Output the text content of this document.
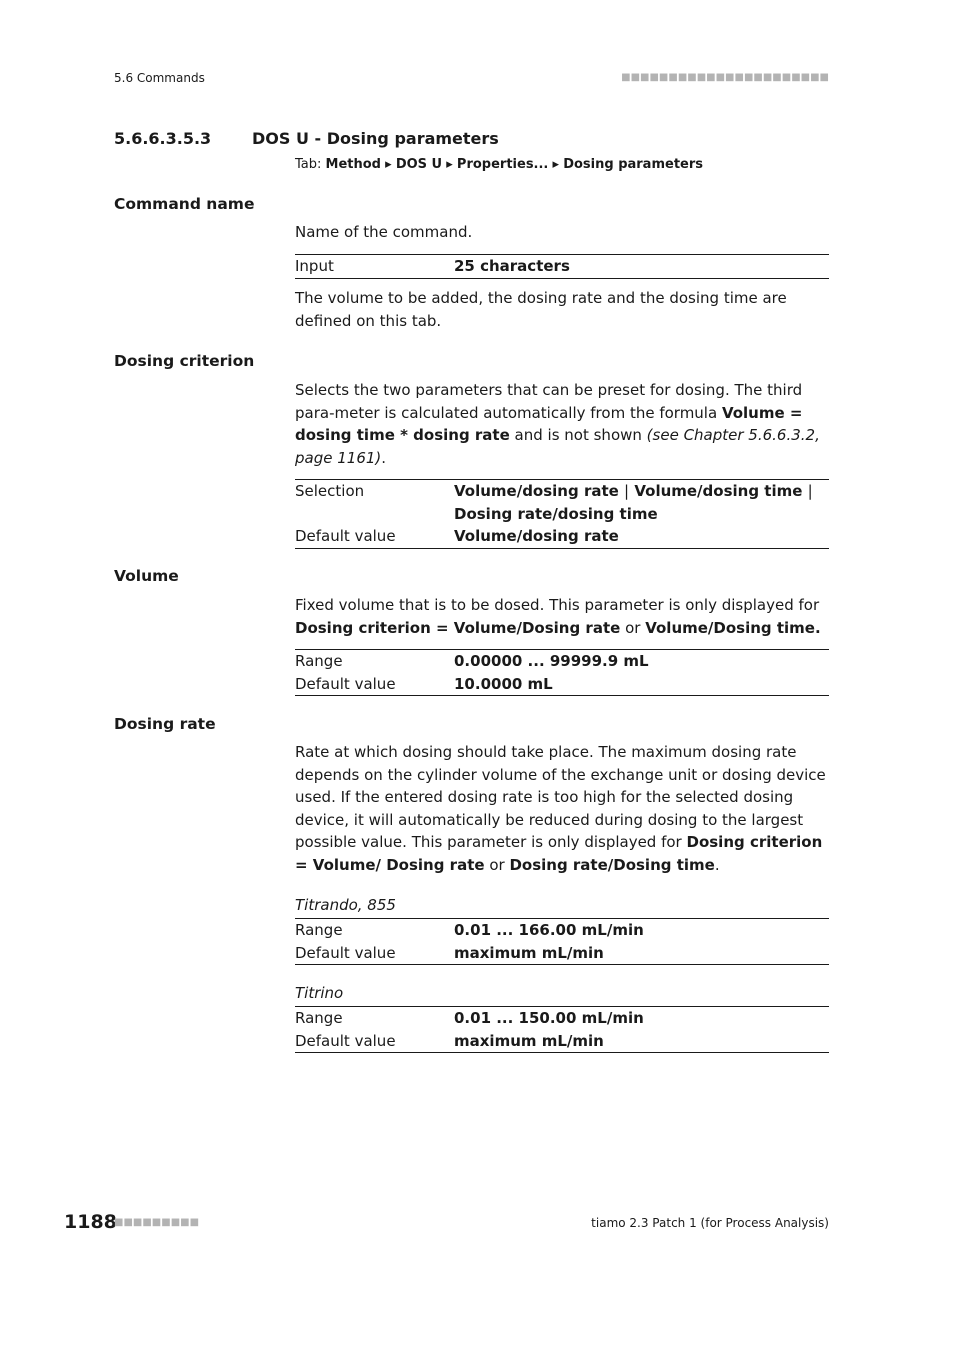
5.6 Commands	■■■■■■■■■■■■■■■■■■■■■■
5.6.6.3.5.3	DOS U - Dosing parameters
Tab: Method ▸ DOS U ▸ Properties... ▸ Dosing parameters
Command name
Name of the command.
Input	25 characters
The volume to be added, the dosing rate and the dosing time are defined on this tab.
Dosing criterion
Selects the two parameters that can be preset for dosing. The third para-meter is calculated automatically from the formula Volume = dosing time * dosing rate and is not shown (see Chapter 5.6.6.3.2, page 1161).
Selection	Volume/dosing rate | Volume/dosing time | Dosing rate/dosing time
Default value	Volume/dosing rate
Volume
Fixed volume that is to be dosed. This parameter is only displayed for
Dosing criterion = Volume/Dosing rate or Volume/Dosing time.
Range	0.00000 ... 99999.9 mL
Default value	10.0000 mL
Dosing rate
Rate at which dosing should take place. The maximum dosing rate depends on the cylinder volume of the exchange unit or dosing device used. If the entered dosing rate is too high for the selected dosing device, it will automatically be reduced during dosing to the largest possible value. This parameter is only displayed for Dosing criterion = Volume/ Dosing rate or Dosing rate/Dosing time.
Titrando, 855
Range	0.01 ... 166.00 mL/min
Default value	maximum mL/min
Titrino
Range	0.01 ... 150.00 mL/min
Default value	maximum mL/min
1188
■■■■■■■■■	tiamo 2.3 Patch 1 (for Process Analysis)
